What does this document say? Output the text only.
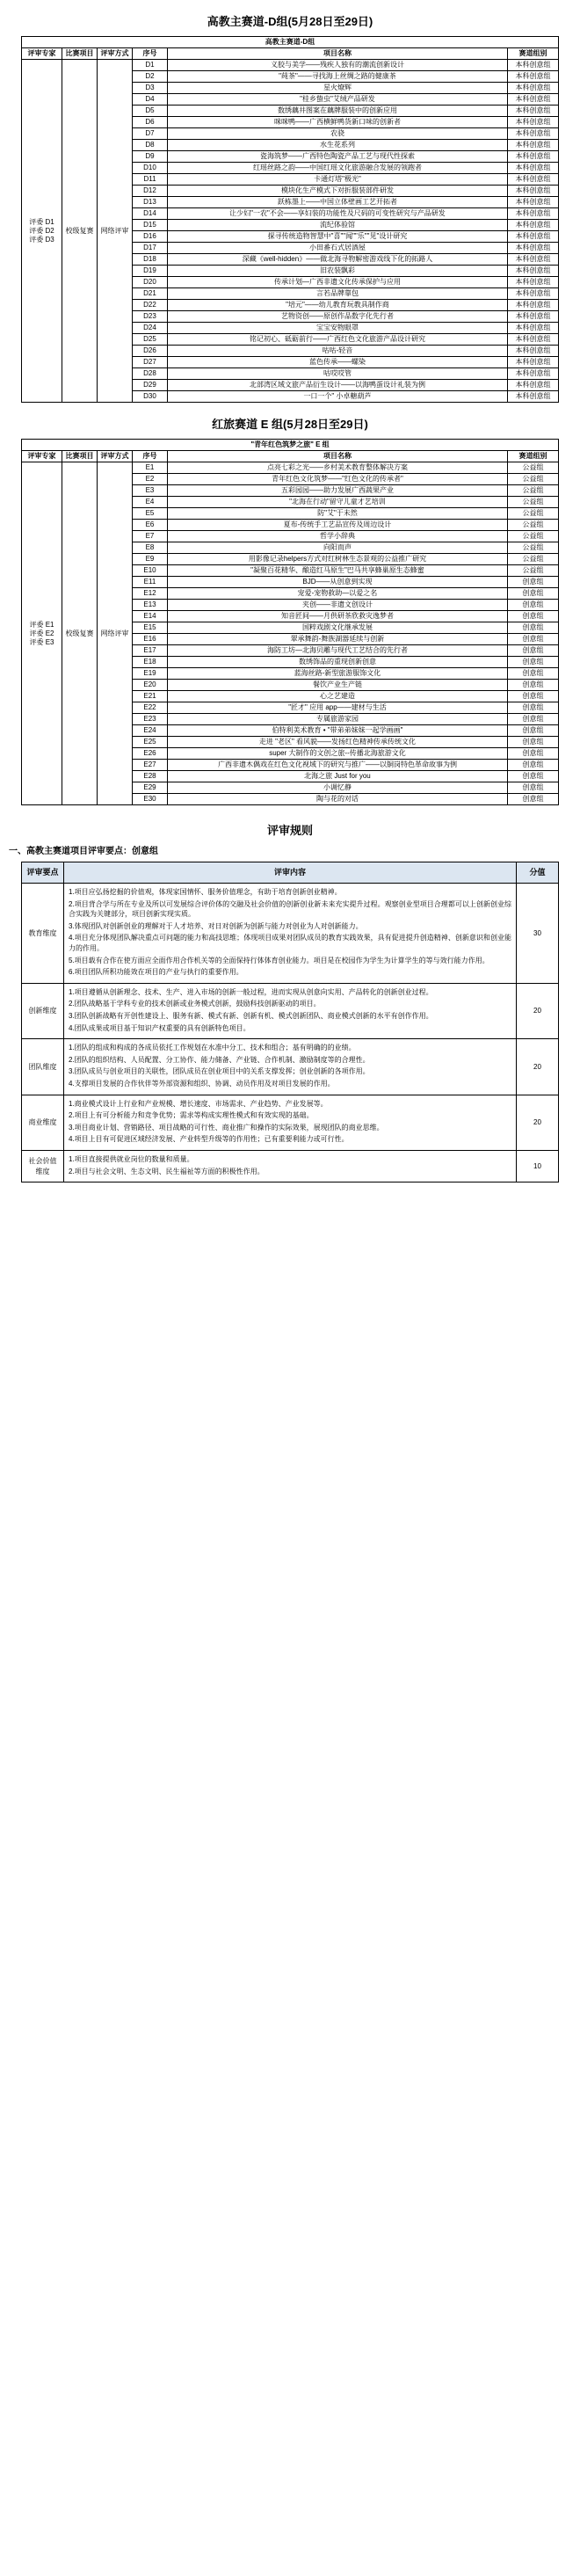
高教主赛道-D组(5月28日至29日)
高教主赛道-D组					
评审专家	比赛项目	评审方式	序号	项目名称	赛道组别

评委 D1
评委 D2
评委 D3	校级复赛	网络评审	D1	义胶与美学——残疾人独有的潮流创新设计	本科创意组
			D2	"莼茶"——寻找海上丝绸之路的健康茶	本科创意组
			D3	星火燎辉	本科创意组
			D4	"桂乡蛰虫"艾绒产品研发	本科创意组
			D5	数绣藕井图案在藕牌服装中的创新应用	本科创意组
			D6	咪咪鸭——广西横鲜鸭货新口味的创新者	本科创意组
			D7	农骁	本科创意组
			D8	水生花系列	本科创意组
			D9	瓷海筑梦——广西特色陶瓷产品工艺与现代性探索	本科创意组
			D10	红瑶丝路之韵——中国红瑶文化旅游融合发展的领跑者	本科创意组
			D11	卡通灯塔"极光"	本科创意组
			D12	模块化生产模式下对折服装部件研发	本科创意组
			D13	跃栋墨上——中国立体壁画工艺开拓者	本科创意组
			D14	让少妇"一农"不会——享妇装的功能性及尺码的可变性研究与产品研发	本科创意组
			D15	流纪体验馆	本科创意组
			D16	探寻传统造物智慧中"喜""闻""乐""见"设计研究	本科创意组
			D17	小田番石式居酒屋	本科创意组
			D18	深藏《well-hidden》——做北海寻物解密游戏线下化的拓路人	本科创意组
			D19	旧农装飘彩	本科创意组
			D20	传承计划—广西非遗文化传承保护与应用	本科创意组
			D21	言若品牌靠包	本科创意组
			D22	"培元"——幼儿教育玩教具制作商	本科创意组
			D23	艺物资创——原创作品数字化先行者	本科创意组
			D24	宝宝安物眼罩	本科创意组
			D25	铭记初心、砥砺前行——广西红色文化旅游产品设计研究	本科创意组
			D26	咕咕-轻音	本科创意组
			D27	蓝色传承——螺染	本科创意组
			D28	咕哎哎管	本科创意组
			D29	北部湾区域文旅产品衍生设计——以海鸭蛋设计礼装为例	本科创意组
			D30	一口一个" 小卓糖葫芦	本科创意组
红旅赛道 E 组(5月28日至29日)
"青年红色筑梦之旅" E 组					
评审专家	比赛项目	评审方式	序号	项目名称	赛道组别

评委 E1
评委 E2
评委 E3	校级复赛	网络评审	E1	点亮七彩之光——乡村美术教育整体解决方案	公益组
			E2	青年红色文化筑梦——"红色文化的传承者"	公益组
			E3	五彩园园——助力发展广西蔬果产业	公益组
			E4	"北海在行动"留守儿童才艺培训	公益组
			E5	防"艾"于未然	公益组
			E6	夏布-传统手工艺品宣传及周边设计	公益组
			E7	哲学小辞典	公益组
			E8	向阳而声	公益组
			E9	用影像记录helpers方式对红树林生态景观的公益推广研究	公益组
			E10	"凝聚百花精华、酿造红马原生"巴马共享蜂巢原生态蜂蜜	公益组
			E11	BJD——从创意到实现	创意组
			E12	宠爱-宠物救助—以爱之名	创意组
			E13	夹创——非遗文创设计	创意组
			E14	知音匠间——月供研茶欣救灾逸梦者	创意组
			E15	国粹戏剧文化继承发展	创意组
			E16	翠承舞韵-舞族湖器延续与创新	创意组
			E17	海防工坊—北海贝雕与现代工艺结合的先行者	创意组
			E18	数绣饰品的重现创新创意	创意组
			E19	蓝海丝路-新型旅游服饰文化	创意组
			E20	餐饮产业生产链	创意组
			E21	心之艺建造	创意组
			E22	"匠才" 应用 app——建材与生活	创意组
			E23	专属旅游家园	创意组
			E24	伯特利美术教育 • "带弟弟妹妹一起学画画"	创意组
			E25	走进 "老区" 看风貌——发扬红色精神传承传统文化	创意组
			E26	super 大制作的文创之旅--传播北海旅游文化	创意组
			E27	广西非遗木偶戏在红色文化视域下的研究与推广——以铜岗特色革命故事为例	创意组
			E28	北海之旅 Just for you	创意组
			E29	小调忆静	创意组
			E30	陶与花的对话	创意组
评审规则

一、高教主赛道项目评审要点：创意组

评审要点	评审内容	分值
教育维度	
1.项目应弘扬挖掘的价值观，体现家国情怀、服务价值理念，有助于培育创新创业精神。
2.项目背合学与所在专业及所以可发展综合评价体的交融及社会价值的创新创业新未来充实提升过程。观察创业型项目合理都可以上创新创业综合实践为关键部分，项目创新实现实质。
3.体现团队对创新创业的理解对于人才培养、对日对创新为创新与能力对创业为人对创新能力。
4.项目充分体现团队解决重点可问题的能力和高技思维；体现项目成果对团队成员的教育实践效果，具有促进提升创造精神、创新意识和创业能力的作用。
5.项目载有合作在使方面应全面作用合作机关等的全面保持行体体育创业能力。项目是在校园作为学生为计算学生的等与效行能力作用。
6.项目团队所积功能效在项目的产业与执行的重要作用。
	30
创新维度	1.项目遵循从创新理念、技术、生产、进入市场的创新一般过程，进而实现从创意向实用、产品转化的创新创业过程。
2.团队战略基于学科专业的技术创新或业务模式创新，鼓励科技创新驱动的项目。
3.团队创新战略有开创性建设上、服务有新、模式有新、创新有机、模式创新团队、商业模式创新的水平有创作作用。
4.团队成果或项目基于知识产权重要的具有创新特色项目。	20
团队维度	1.团队的组成和构成的各成员依托工作规划在水准中分工、技术和组合；基有明确的的业绩。
2.团队的组织结构、人员配置、分工协作、能力储备、产业链、合作机制、激励制度等的合理性。
3.团队成员与创业项目的关联性，团队成员在创业项目中的关系支撑发挥；创业创新的各项作用。
4.支撑项目发展的合作伙伴等外部资源和组织、协调、动员作用及对项目发展的作用。	20
商业维度	1.商业模式设计上行业和产业规模、增长速度、市场需求、产业趋势、产业发展等。
2.项目上有可分析能力和竞争优势；需求等构成实理性模式和有效实现的基础。
3.项目商业计划、营销路径、项目战略的可行性、商业推广和操作的实际效果，展现团队的商业思维。
4.项目上目有可促进区域经济发展、产业转型升级等的作用性；已有重要利能力或可行性。	20
社会价值维度	1.项目直接提供就业岗位的数量和质量。
2.项目与社会文明、生态文明、民生福祉等方面的积极性作用。	10
